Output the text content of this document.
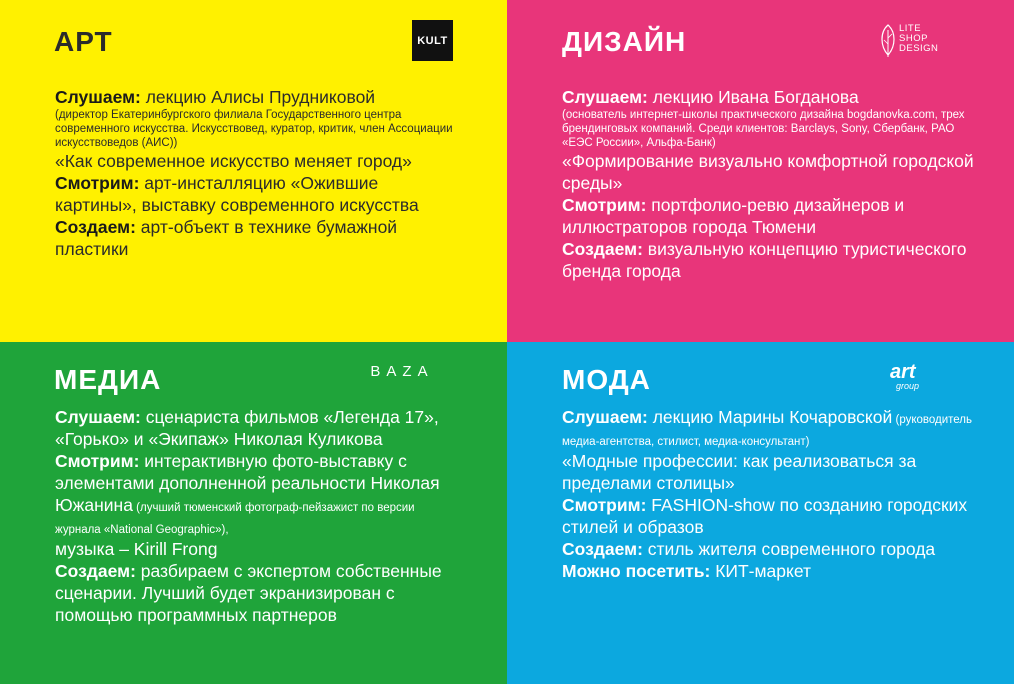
АРТ	KULT

Слушаем: лекцию Алисы Прудниковой

(директор Екатеринбургского филиала Государственного центра современного искусства. Искусствовед, куратор, критик, член Ассоциации искусствоведов (АИС))

«Как современное искусство меняет город»

Смотрим: арт-инсталляцию «Ожившие картины», выставку современного искусства

Создаем: арт-объект в технике бумажной пластики

ДИЗАЙН	LITE
SHOP
DESIGN

Слушаем: лекцию Ивана Богданова

(основатель интернет-школы практического дизайна bogdanovka.com, трех брендинговых компаний. Среди клиентов: Barclays, Sony, Сбербанк, РАО «ЕЭС России», Альфа-Банк)

«Формирование визуально комфортной городской среды»

Смотрим: портфолио-ревю дизайнеров и иллюстраторов города Тюмени

Создаем: визуальную концепцию туристического бренда города

МЕДИА	BAZA

Слушаем: сценариста фильмов «Легенда 17», «Горько» и «Экипаж» Николая Куликова

Смотрим: интерактивную фото-выставку с элементами дополненной реальности Николая Южанина (лучший тюменский фотограф-пейзажист по версии журнала «National Geographic»),

музыка – Kirill Frong

Создаем: разбираем с экспертом собственные сценарии. Лучший будет экранизирован с помощью программных партнеров

МОДА	art
group

Слушаем: лекцию Марины Кочаровской (руководитель медиа-агентства, стилист, медиа-консультант)

«Модные профессии: как реализоваться за пределами столицы»

Смотрим: FASHION-show по созданию городских стилей и образов

Создаем: стиль жителя современного города

Можно посетить: КИТ-маркет
